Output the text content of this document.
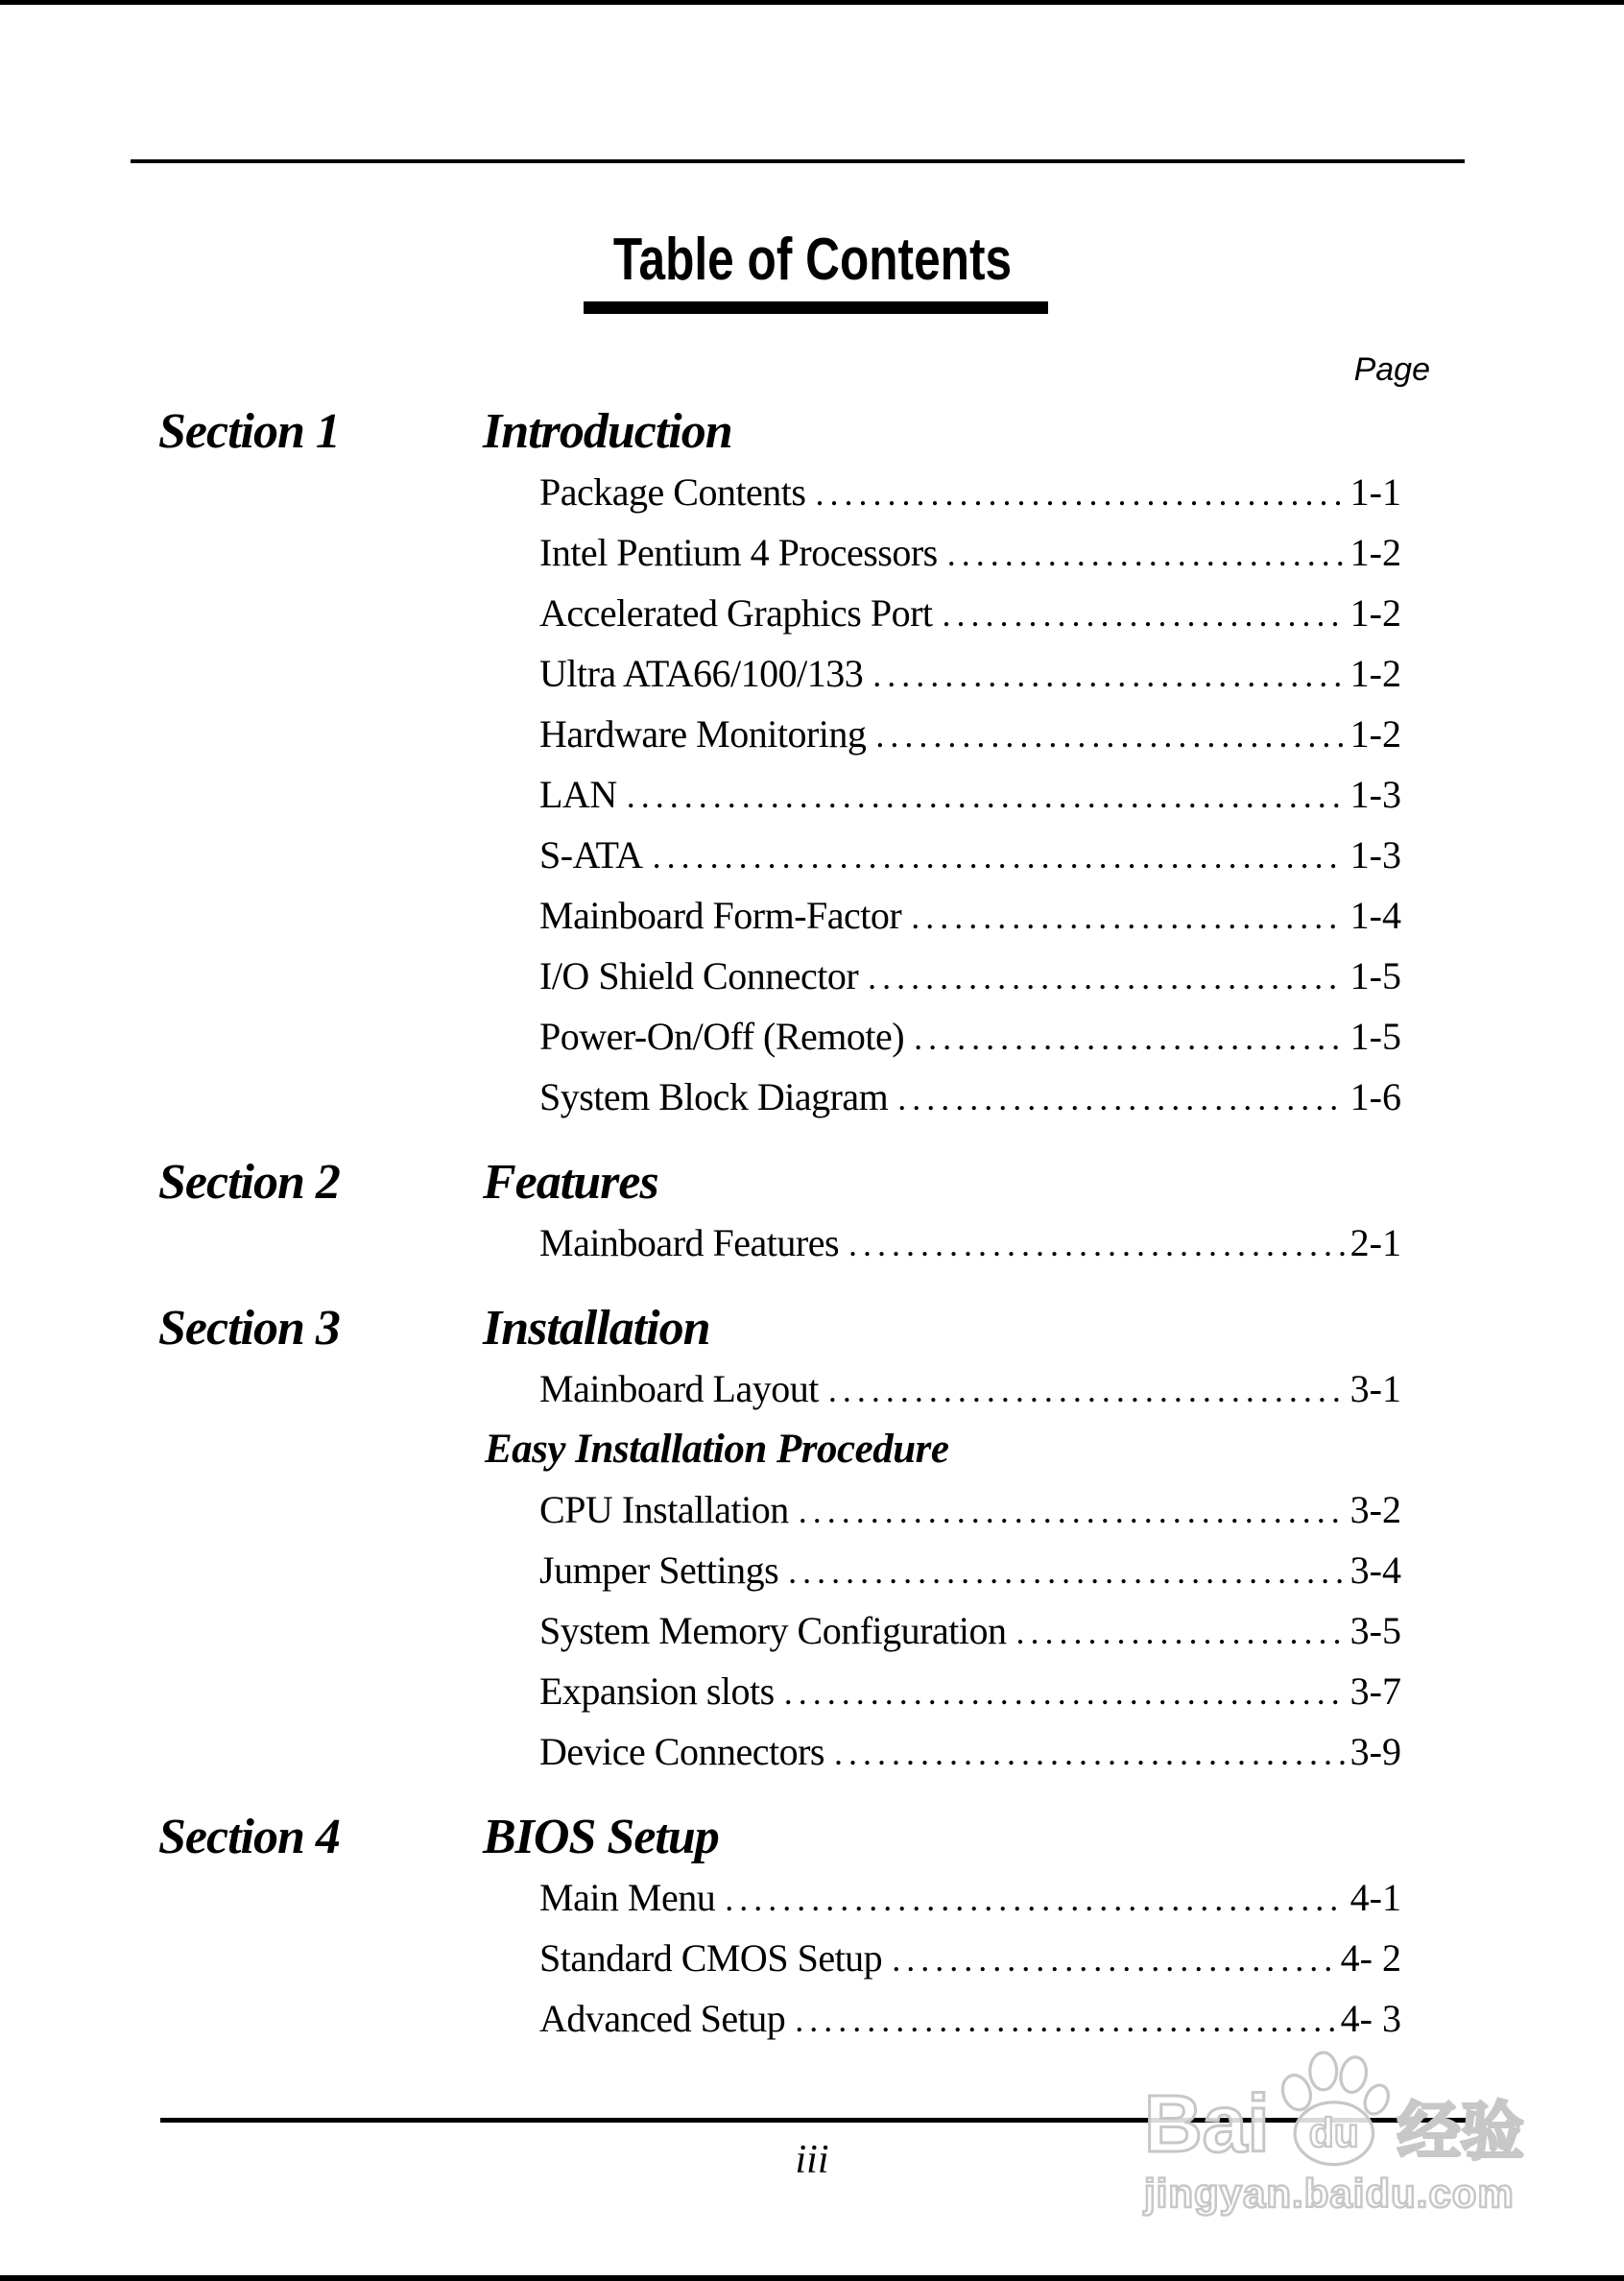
Table of Contents
Page
Section 1	Introduction
Package Contents .....	1-1
Intel Pentium 4 Processors .....	1-2
Accelerated Graphics Port .....	1-2
Ultra ATA66/100/133 .....	1-2
Hardware Monitoring .....	1-2
LAN .....	1-3
S-ATA .....	1-3
Mainboard Form-Factor .....	1-4
I/O Shield Connector .....	1-5
Power-On/Off (Remote) .....	1-5
System Block Diagram .....	1-6
Section 2	Features
Mainboard Features .....	2-1
Section 3	Installation
Mainboard Layout .....	3-1
Easy Installation Procedure
CPU Installation .....	3-2
Jumper Settings .....	3-4
System Memory Configuration .....	3-5
Expansion slots .....	3-7
Device Connectors .....	3-9
Section 4	BIOS Setup
Main Menu .....	4-1
Standard CMOS Setup .....	4- 2
Advanced Setup .....	4- 3
iii	Bai du 经验
jingyan.baidu.com
